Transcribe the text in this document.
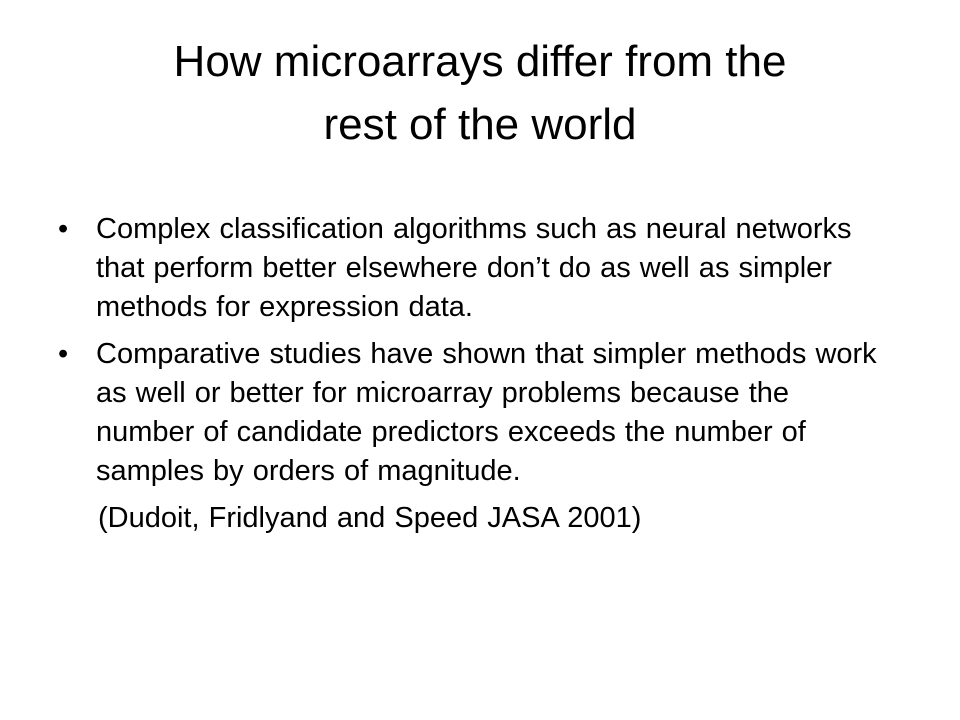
How microarrays differ from the
rest of the world
• Complex classification algorithms such as neural networks that perform better elsewhere don’t do as well as simpler methods for expression data.
• Comparative studies have shown that simpler methods work as well or better for microarray problems because the number of candidate predictors exceeds the number of samples by orders of magnitude.
(Dudoit, Fridlyand and Speed JASA 2001)
